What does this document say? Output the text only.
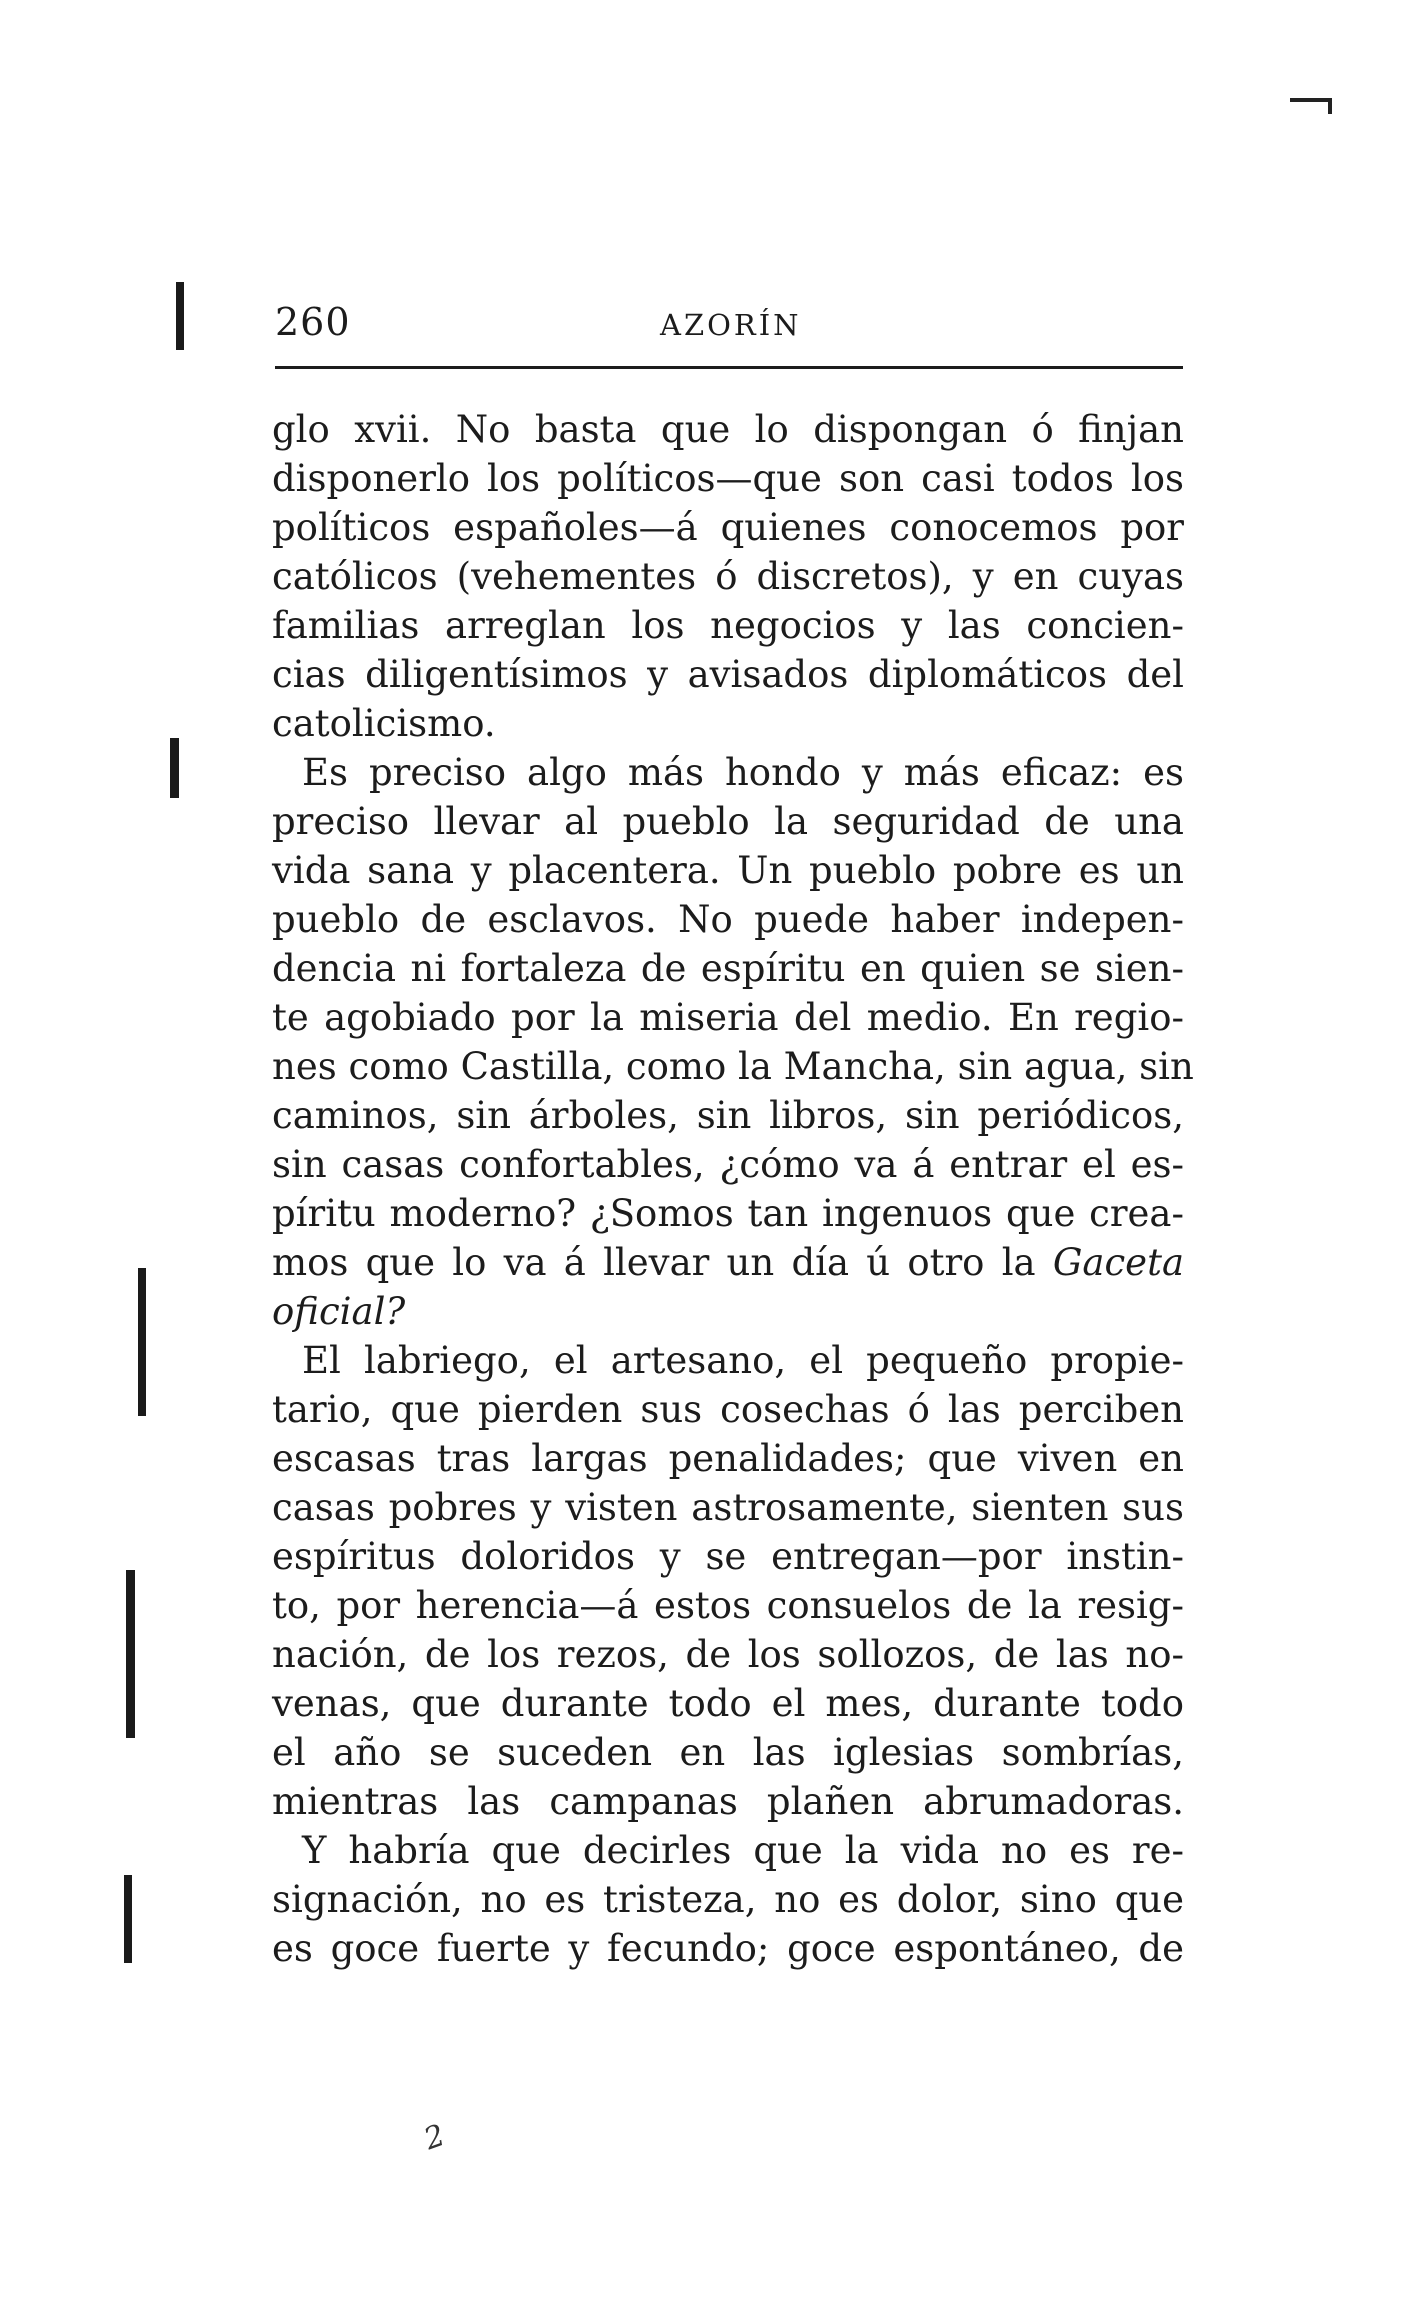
260	AZORÍN
glo xvii. No basta que lo dispongan ó finjan
disponerlo los políticos—que son casi todos los
políticos españoles—á quienes conocemos por
católicos (vehementes ó discretos), y en cuyas
familias arreglan los negocios y las concien-
cias diligentísimos y avisados diplomáticos del
catolicismo.
Es preciso algo más hondo y más eficaz: es
preciso llevar al pueblo la seguridad de una
vida sana y placentera. Un pueblo pobre es un
pueblo de esclavos. No puede haber indepen-
dencia ni fortaleza de espíritu en quien se sien-
te agobiado por la miseria del medio. En regio-
nes como Castilla, como la Mancha, sin agua, sin
caminos, sin árboles, sin libros, sin periódicos,
sin casas confortables, ¿cómo va á entrar el es-
píritu moderno? ¿Somos tan ingenuos que crea-
mos que lo va á llevar un día ú otro la Gaceta
oficial?
El labriego, el artesano, el pequeño propie-
tario, que pierden sus cosechas ó las perciben
escasas tras largas penalidades; que viven en
casas pobres y visten astrosamente, sienten sus
espíritus doloridos y se entregan—por instin-
to, por herencia—á estos consuelos de la resig-
nación, de los rezos, de los sollozos, de las no-
venas, que durante todo el mes, durante todo
el año se suceden en las iglesias sombrías,
mientras las campanas plañen abrumadoras.
Y habría que decirles que la vida no es re-
signación, no es tristeza, no es dolor, sino que
es goce fuerte y fecundo; goce espontáneo, de
2
